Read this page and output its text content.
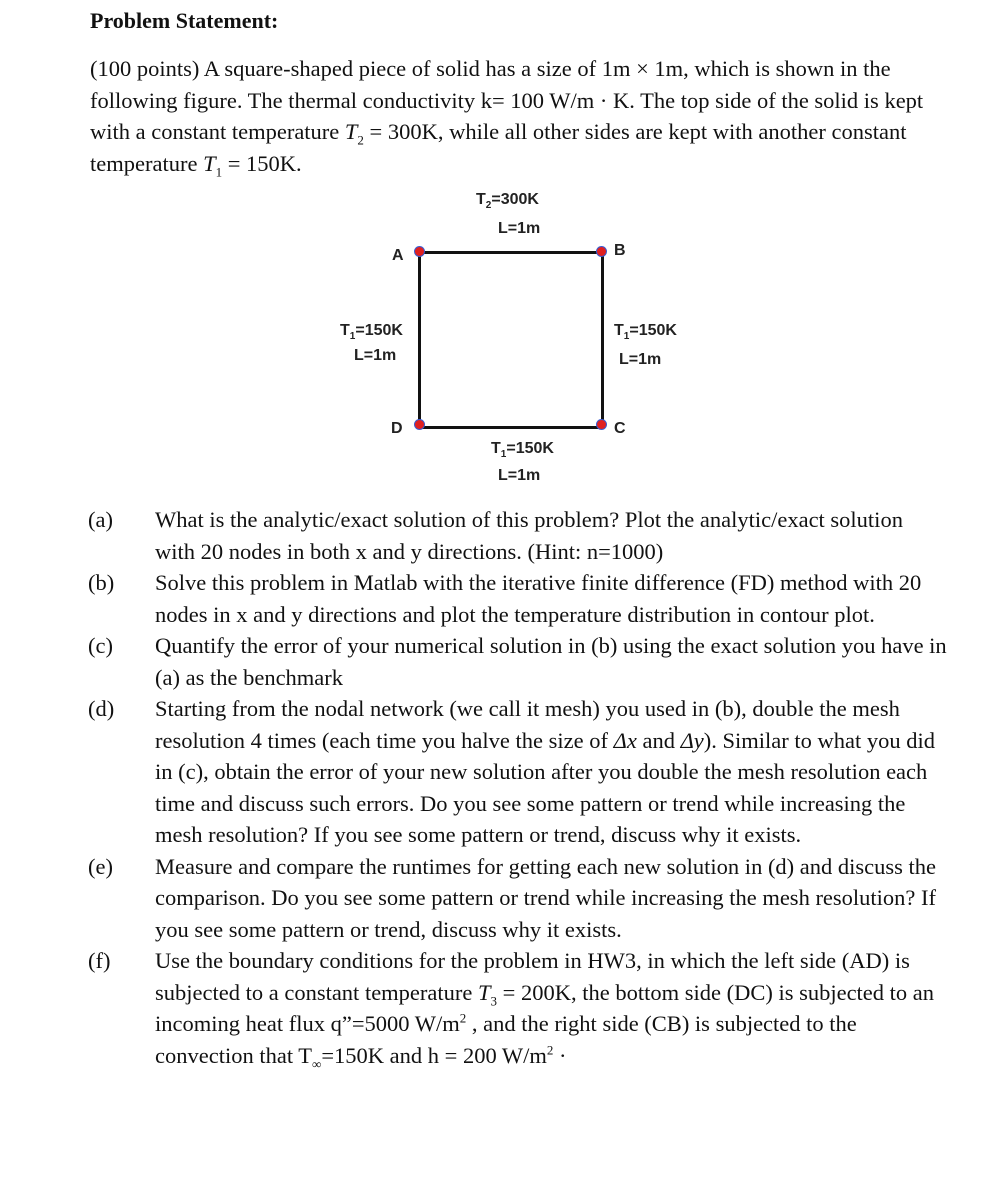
Problem Statement:
(100 points) A square-shaped piece of solid has a size of 1m × 1m, which is shown in the following figure. The thermal conductivity k= 100 W/m · K. The top side of the solid is kept with a constant temperature $T_2 = 300K$, while all other sides are kept with another constant temperature $T_1 = 150K$.
$T_2=300K$
L=1m
A	B
C
D
$T_1=150K$
L=1m
$T_1=150K$
L=1m
$T_1=150K$
L=1m
(a) What is the analytic/exact solution of this problem? Plot the analytic/exact solution with 20 nodes in both x and y directions. (Hint: n=1000)
(b) Solve this problem in Matlab with the iterative finite difference (FD) method with 20 nodes in x and y directions and plot the temperature distribution in contour plot.
(c) Quantify the error of your numerical solution in (b) using the exact solution you have in (a) as the benchmark
(d) Starting from the nodal network (we call it mesh) you used in (b), double the mesh resolution 4 times (each time you halve the size of Δx and Δy). Similar to what you did in (c), obtain the error of your new solution after you double the mesh resolution each time and discuss such errors. Do you see some pattern or trend while increasing the mesh resolution? If you see some pattern or trend, discuss why it exists.
(e) Measure and compare the runtimes for getting each new solution in (d) and discuss the comparison. Do you see some pattern or trend while increasing the mesh resolution? If you see some pattern or trend, discuss why it exists.
(f) Use the boundary conditions for the problem in HW3, in which the left side (AD) is subjected to a constant temperature $T_3 = 200K$, the bottom side (DC) is subjected to an incoming heat flux q”=5000 $W/m^2$ , and the right side (CB) is subjected to the convection that $T_\infty=150K$ and h = 200 $W/m^2$ ·
